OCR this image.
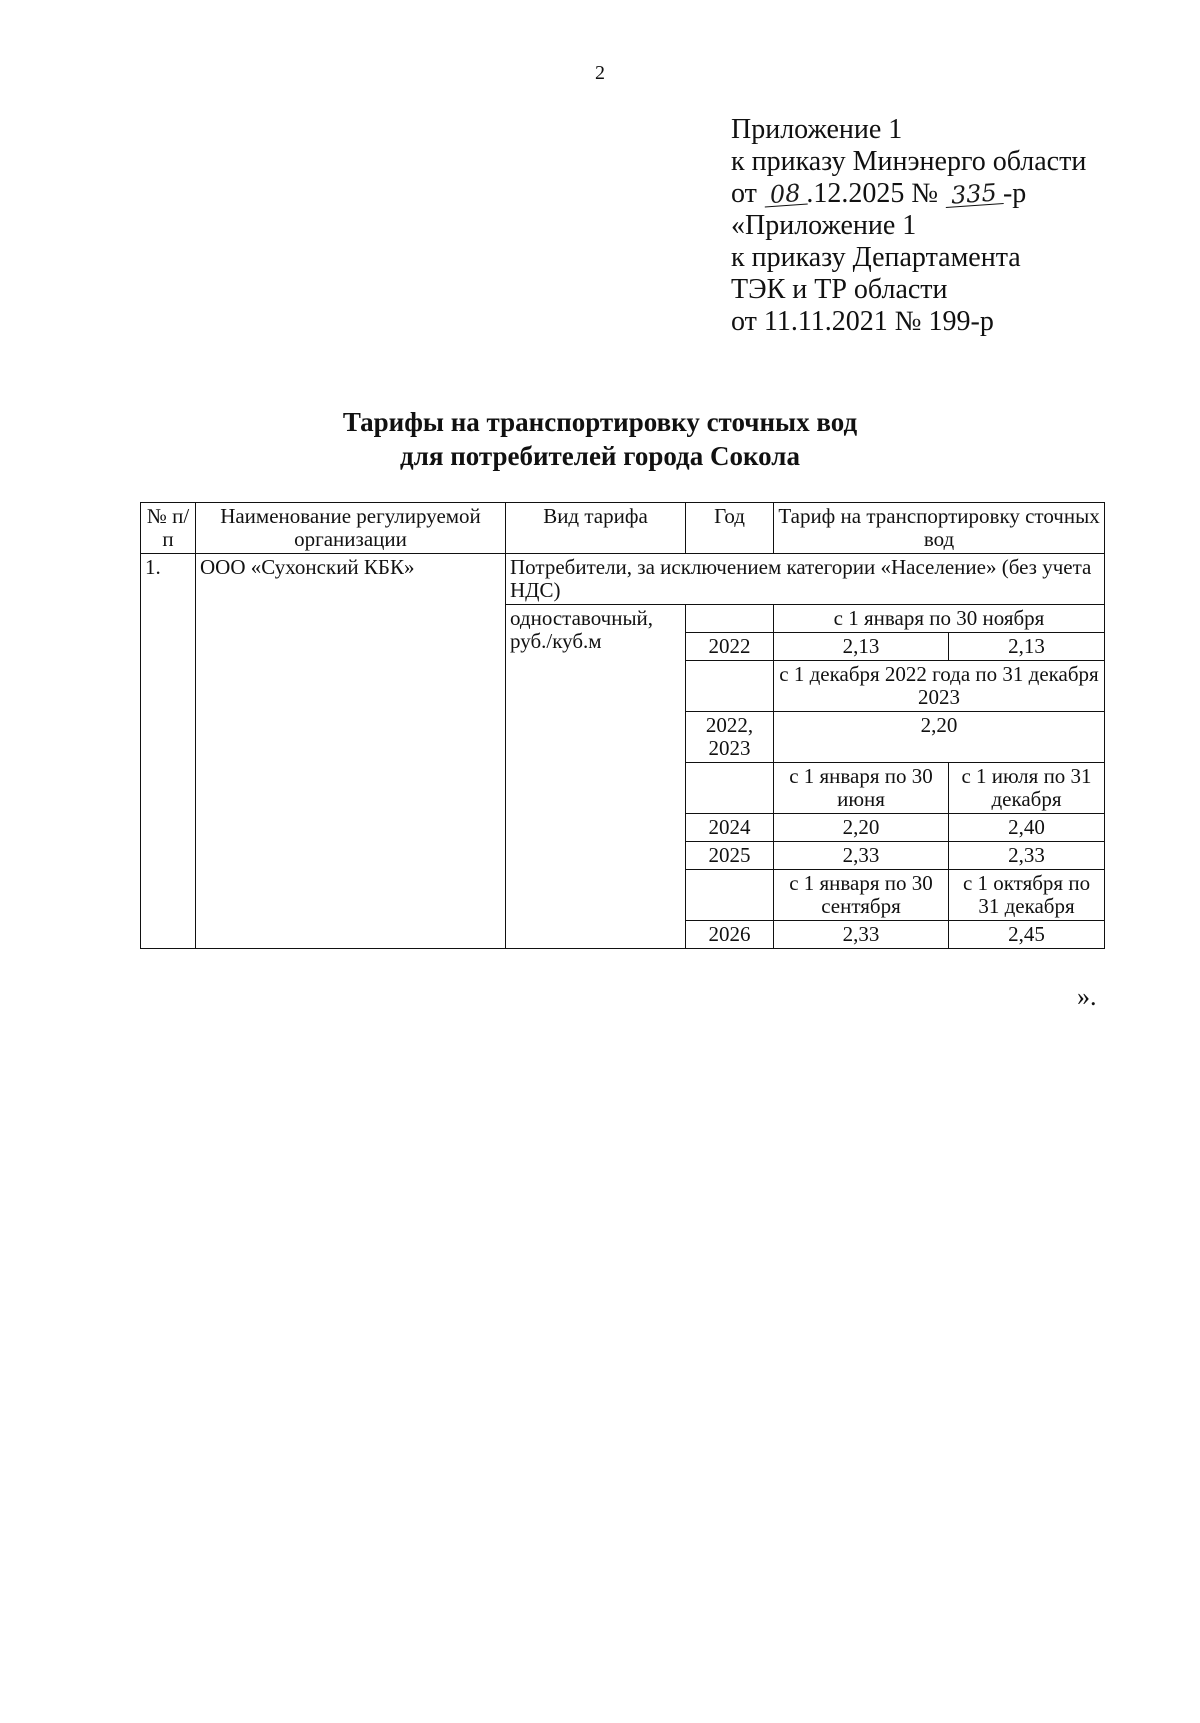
2
Приложение 1
к приказу Минэнерго области
от 08 .12.2025 № 335 -р
«Приложение 1
к приказу Департамента
ТЭК и ТР области
от 11.11.2021 № 199-р
Тарифы на транспортировку сточных вод
для потребителей города Сокола
№ п/п	Наименование регулируемой организации	Вид тарифа	Год	Тариф на транспортировку сточных вод	
1.	ООО «Сухонский КБК»	Потребители, за исключением категории «Население» (без учета НДС)			
		одноставочный, руб./куб.м		с 1 января по 30 ноября	
			2022	2,13	2,13
				с 1 декабря 2022 года по 31 декабря 2023	
			2022, 2023	2,20	
				с 1 января по 30 июня	с 1 июля по 31 декабря
			2024	2,20	2,40
			2025	2,33	2,33
				с 1 января по 30 сентября	с 1 октября по 31 декабря
			2026	2,33	2,45
».
